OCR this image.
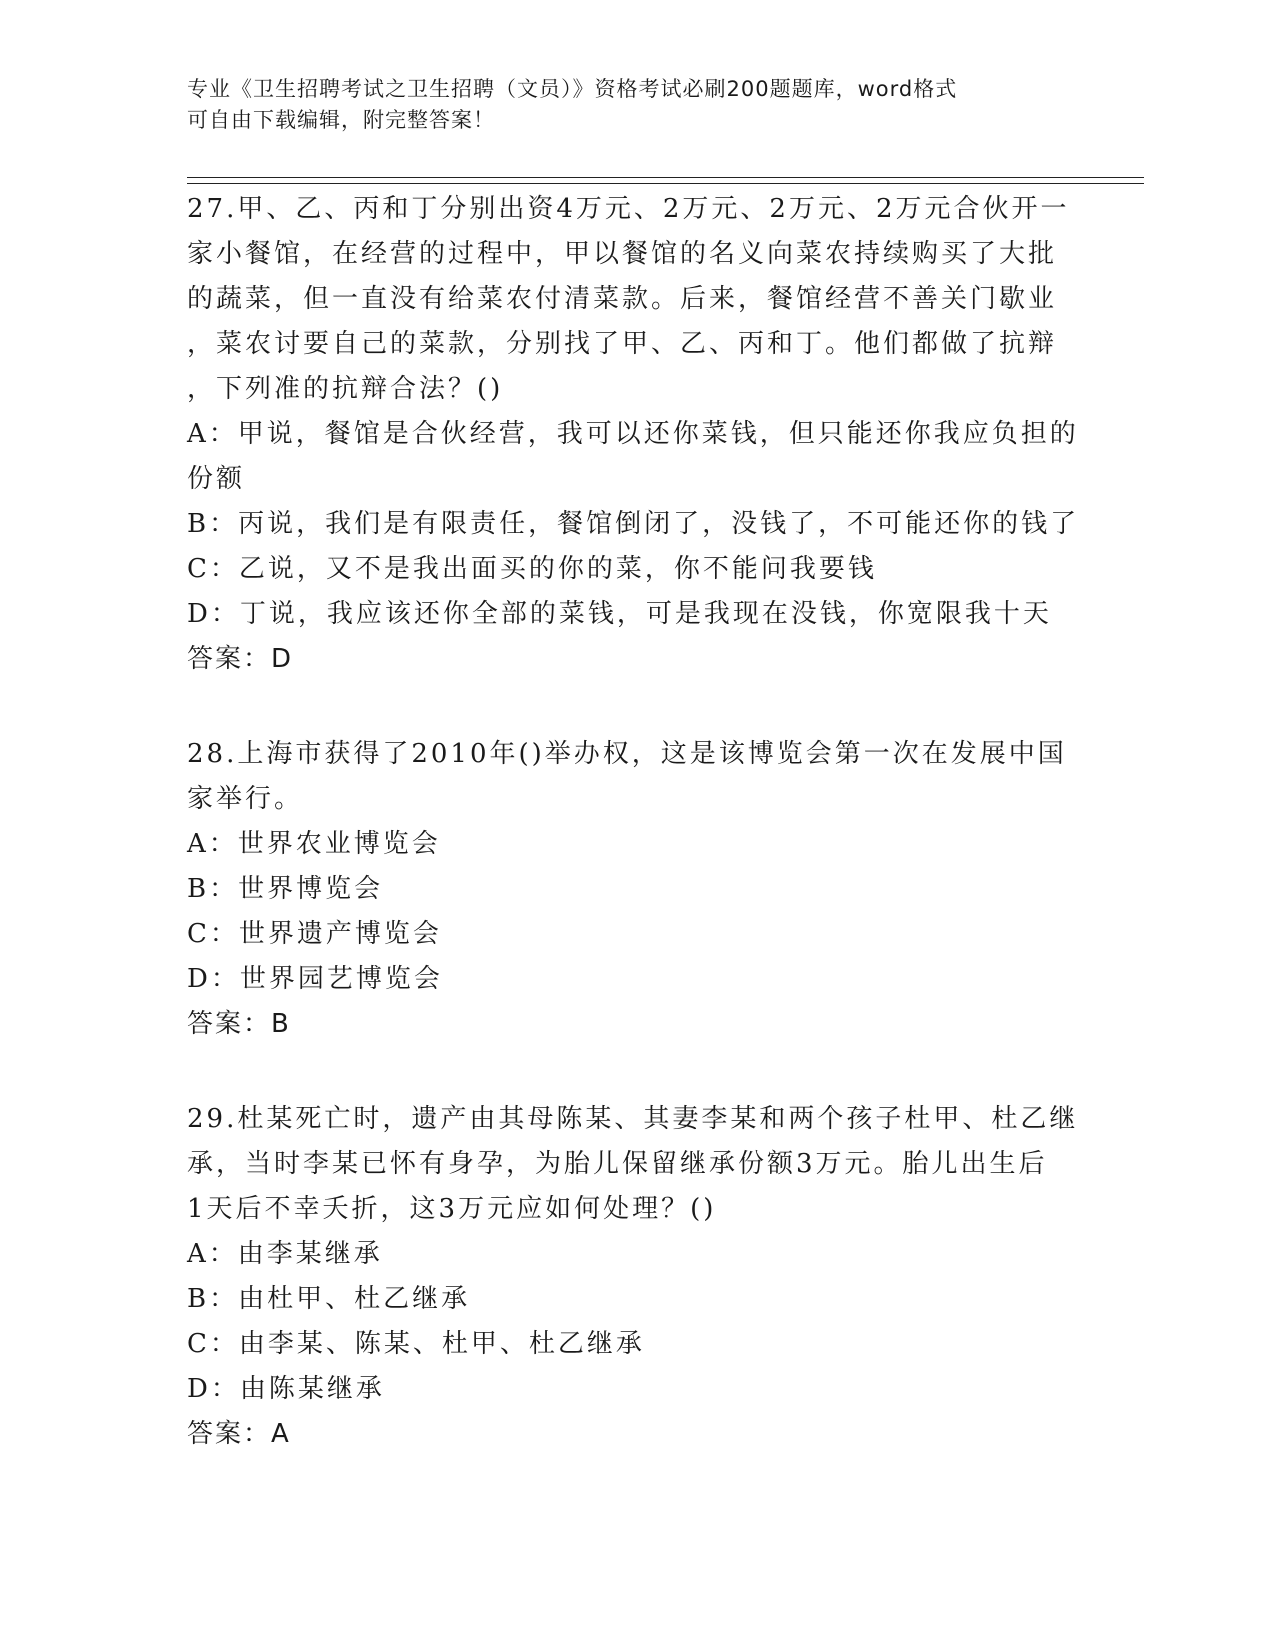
专业《卫生招聘考试之卫生招聘（文员）》资格考试必刷200题题库，word格式
可自由下载编辑，附完整答案！

27.甲、乙、丙和丁分别出资4万元、2万元、2万元、2万元合伙开一
家小餐馆，在经营的过程中，甲以餐馆的名义向菜农持续购买了大批
的蔬菜，但一直没有给菜农付清菜款。后来，餐馆经营不善关门歇业
，菜农讨要自己的菜款，分别找了甲、乙、丙和丁。他们都做了抗辩
，下列准的抗辩合法？()

A：甲说，餐馆是合伙经营，我可以还你菜钱，但只能还你我应负担的
份额

B：丙说，我们是有限责任，餐馆倒闭了，没钱了，不可能还你的钱了

C：乙说，又不是我出面买的你的菜，你不能问我要钱

D：丁说，我应该还你全部的菜钱，可是我现在没钱，你宽限我十天

答案：D

28.上海市获得了2010年()举办权，这是该博览会第一次在发展中国
家举行。

A：世界农业博览会

B：世界博览会

C：世界遗产博览会

D：世界园艺博览会

答案：B

29.杜某死亡时，遗产由其母陈某、其妻李某和两个孩子杜甲、杜乙继
承，当时李某已怀有身孕，为胎儿保留继承份额3万元。胎儿出生后
1天后不幸夭折，这3万元应如何处理？()

A：由李某继承

B：由杜甲、杜乙继承

C：由李某、陈某、杜甲、杜乙继承

D：由陈某继承

答案：A
